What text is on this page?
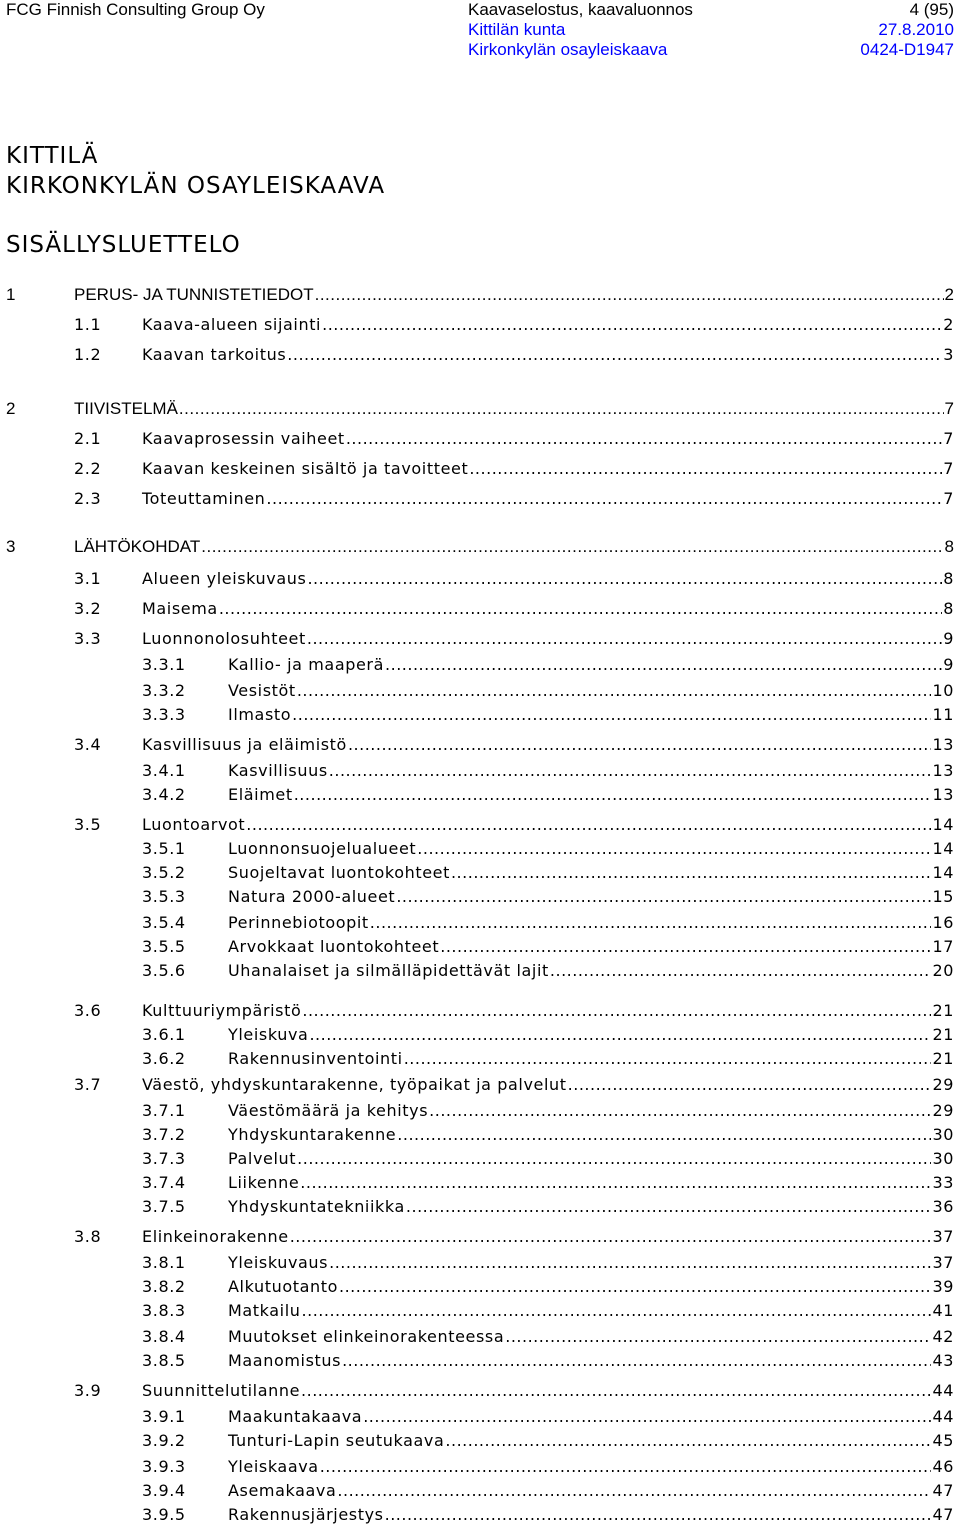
FCG Finnish Consulting Group Oy	Kaavaselostus, kaavaluonnos
Kittilän kunta
Kirkonkylän osayleiskaava
4 (95)
27.8.2010
0424-D1947
KITTILÄ
KIRKONKYLÄN OSAYLEISKAAVA
SISÄLLYSLUETTELO
1	PERUS- JA TUNNISTETIEDOT .....	2
1.1	Kaava-alueen sijainti .....	2
1.2	Kaavan tarkoitus .....	3
2	TIIVISTELMÄ .....	7
2.1	Kaavaprosessin vaiheet .....	7
2.2	Kaavan keskeinen sisältö ja tavoitteet .....	7
2.3	Toteuttaminen .....	7
3	LÄHTÖKOHDAT .....	8
3.1	Alueen yleiskuvaus .....	8
3.2	Maisema .....	8
3.3	Luonnonolosuhteet .....	9
3.3.1	Kallio- ja maaperä .....	9
3.3.2	Vesistöt .....	10
3.3.3	Ilmasto .....	11
3.4	Kasvillisuus ja eläimistö .....	13
3.4.1	Kasvillisuus .....	13
3.4.2	Eläimet .....	13
3.5	Luontoarvot .....	14
3.5.1	Luonnonsuojelualueet .....	14
3.5.2	Suojeltavat luontokohteet .....	14
3.5.3	Natura 2000-alueet .....	15
3.5.4	Perinnebiotoopit .....	16
3.5.5	Arvokkaat luontokohteet .....	17
3.5.6	Uhanalaiset ja silmälläpidettävät lajit .....	20
3.6	Kulttuuriympäristö .....	21
3.6.1	Yleiskuva .....	21
3.6.2	Rakennusinventointi .....	21
3.7	Väestö, yhdyskuntarakenne, työpaikat ja palvelut .....	29
3.7.1	Väestömäärä ja kehitys .....	29
3.7.2	Yhdyskuntarakenne .....	30
3.7.3	Palvelut .....	30
3.7.4	Liikenne .....	33
3.7.5	Yhdyskuntatekniikka .....	36
3.8	Elinkeinorakenne .....	37
3.8.1	Yleiskuvaus .....	37
3.8.2	Alkutuotanto .....	39
3.8.3	Matkailu .....	41
3.8.4	Muutokset elinkeinorakenteessa .....	42
3.8.5	Maanomistus .....	43
3.9	Suunnittelutilanne .....	44
3.9.1	Maakuntakaava .....	44
3.9.2	Tunturi-Lapin seutukaava .....	45
3.9.3	Yleiskaava .....	46
3.9.4	Asemakaava .....	47
3.9.5	Rakennusjärjestys .....	47
